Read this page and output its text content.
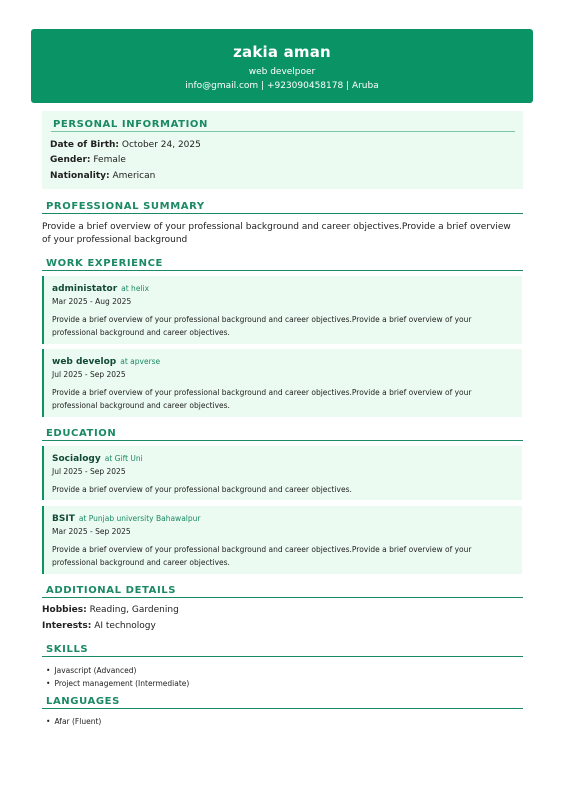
zakia aman
web develpoer
info@gmail.com | +923090458178 | Aruba
PERSONAL INFORMATION
Date of Birth: October 24, 2025
Gender: Female
Nationality: American
PROFESSIONAL SUMMARY
Provide a brief overview of your professional background and career objectives.Provide a brief overview of your professional background
WORK EXPERIENCE
administator at helix
Mar 2025 - Aug 2025
Provide a brief overview of your professional background and career objectives.Provide a brief overview of your professional background and career objectives.
web develop at apverse
Jul 2025 - Sep 2025
Provide a brief overview of your professional background and career objectives.Provide a brief overview of your professional background and career objectives.
EDUCATION
Socialogy at Gift Uni
Jul 2025 - Sep 2025
Provide a brief overview of your professional background and career objectives.
BSIT at Punjab university Bahawalpur
Mar 2025 - Sep 2025
Provide a brief overview of your professional background and career objectives.Provide a brief overview of your professional background and career objectives.
ADDITIONAL DETAILS
Hobbies: Reading, Gardening
Interests: AI technology
SKILLS
• Javascript (Advanced)
• Project management (Intermediate)
LANGUAGES
• Afar (Fluent)
